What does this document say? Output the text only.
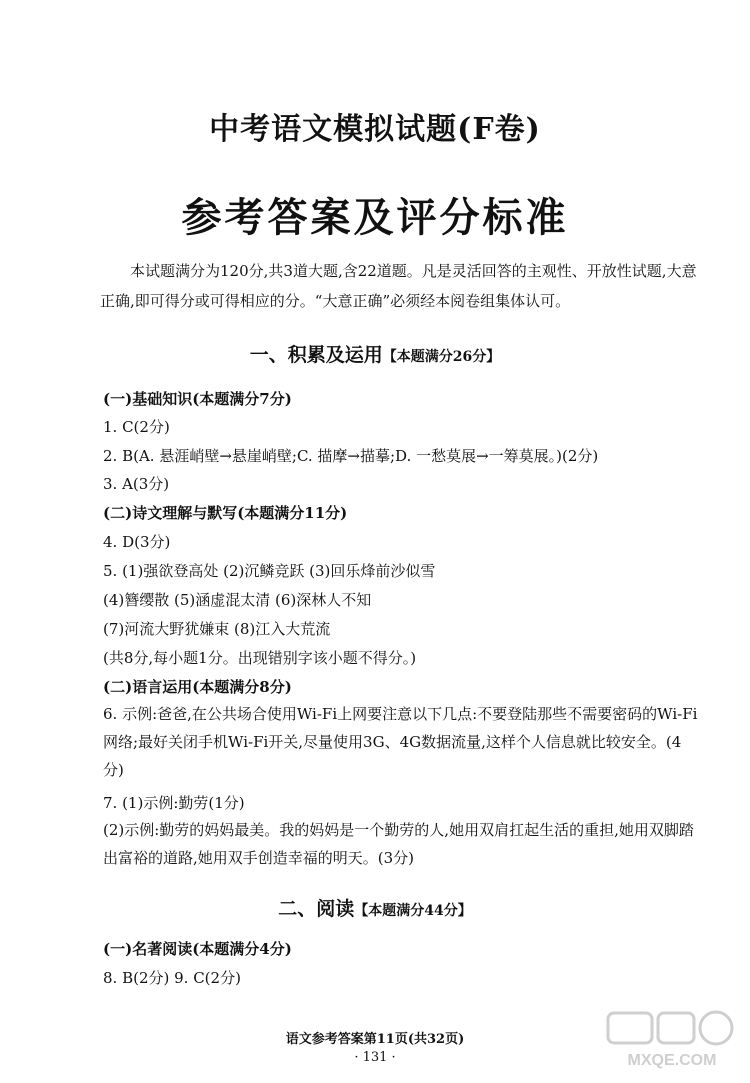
中考语文模拟试题(F卷)
参考答案及评分标准
本试题满分为120分,共3道大题,含22道题。凡是灵活回答的主观性、开放性试题,大意正确,即可得分或可得相应的分。“大意正确”必须经本阅卷组集体认可。
一、积累及运用【本题满分26分】
(一)基础知识(本题满分7分)
1. C(2分)
2. B(A. 悬涯峭壁→悬崖峭壁;C. 描摩→描摹;D. 一愁莫展→一筹莫展。)(2分)
3. A(3分)
(二)诗文理解与默写(本题满分11分)
4. D(3分)
5. (1)强欲登高处 (2)沉鳞竞跃 (3)回乐烽前沙似雪
(4)簪缨散 (5)涵虚混太清 (6)深林人不知
(7)河流大野犹嫌束 (8)江入大荒流
(共8分,每小题1分。出现错别字该小题不得分。)
(二)语言运用(本题满分8分)
6. 示例:爸爸,在公共场合使用Wi-Fi上网要注意以下几点:不要登陆那些不需要密码的Wi-Fi网络;最好关闭手机Wi-Fi开关,尽量使用3G、4G数据流量,这样个人信息就比较安全。(4分)
7. (1)示例:勤劳(1分)
(2)示例:勤劳的妈妈最美。我的妈妈是一个勤劳的人,她用双肩扛起生活的重担,她用双脚踏出富裕的道路,她用双手创造幸福的明天。(3分)
二、阅读【本题满分44分】
(一)名著阅读(本题满分4分)
8. B(2分) 9. C(2分)
语文参考答案第11页(共32页)
· 131 ·	MXQE.COM
